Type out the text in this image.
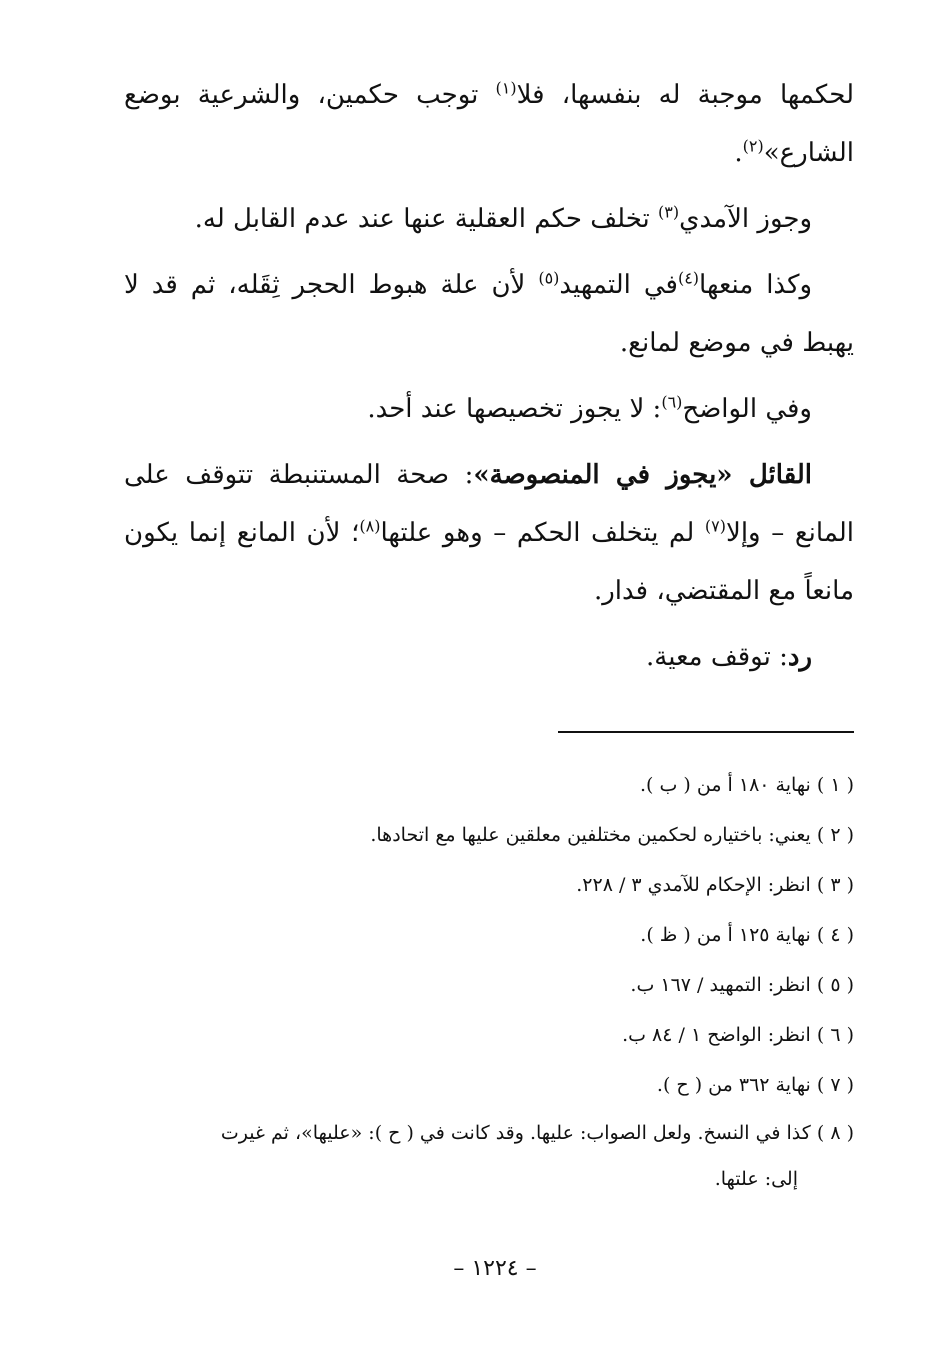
لحكمها موجبة له بنفسها، فلا$^{(١)}$ توجب حكمين، والشرعية بوضع الشارع»$^{(٢)}$.

وجوز الآمدي$^{(٣)}$ تخلف حكم العقلية عنها عند عدم القابل له.

وكذا منعها$^{(٤)}$في التمهيد$^{(٥)}$ لأن علة هبوط الحجر ثِقَله، ثم قد لا يهبط في موضع لمانع.

وفي الواضح$^{(٦)}$: لا يجوز تخصيصها عند أحد.

القائل «يجوز في المنصوصة»: صحة المستنبطة تتوقف على المانع – وإلا$^{(٧)}$ لم يتخلف الحكم – وهو علتها$^{(٨)}$؛ لأن المانع إنما يكون مانعاً مع المقتضي، فدار.

رد: توقف معية.

( ١ ) نهاية ١٨٠ أ من ( ب ).

( ٢ ) يعني: باختياره لحكمين مختلفين معلقين عليها مع اتحادها.

( ٣ ) انظر: الإحكام للآمدي ٣ / ٢٢٨.

( ٤ ) نهاية ١٢٥ أ من ( ظ ).

( ٥ ) انظر: التمهيد / ١٦٧ ب.

( ٦ ) انظر: الواضح ١ / ٨٤ ب.

( ٧ ) نهاية ٣٦٢ من ( ح ).

( ٨ ) كذا في النسخ. ولعل الصواب: عليها. وقد كانت في ( ح ): «عليها»، ثم غيرت
إلى: علتها.

– ١٢٢٤ –
